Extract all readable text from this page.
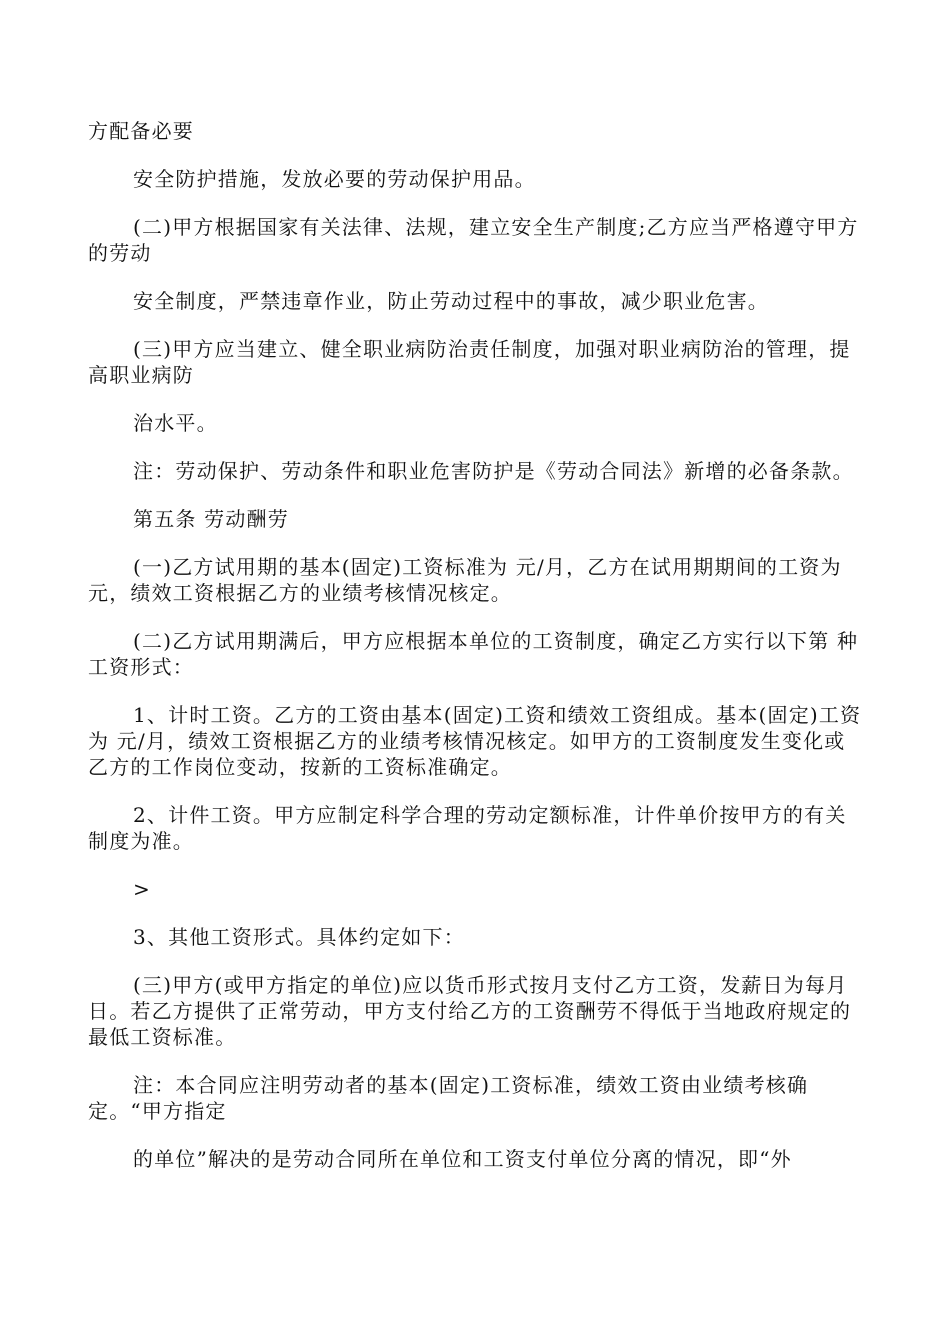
方配备必要

安全防护措施，发放必要的劳动保护用品。

(二)甲方根据国家有关法律、法规，建立安全生产制度;乙方应当严格遵守甲方的劳动

安全制度，严禁违章作业，防止劳动过程中的事故，减少职业危害。

(三)甲方应当建立、健全职业病防治责任制度，加强对职业病防治的管理，提高职业病防

治水平。

注：劳动保护、劳动条件和职业危害防护是《劳动合同法》新增的必备条款。

第五条 劳动酬劳

(一)乙方试用期的基本(固定)工资标准为 元/月，乙方在试用期期间的工资为 元，绩效工资根据乙方的业绩考核情况核定。

(二)乙方试用期满后，甲方应根据本单位的工资制度，确定乙方实行以下第 种工资形式：

1、计时工资。乙方的工资由基本(固定)工资和绩效工资组成。基本(固定)工资为 元/月，绩效工资根据乙方的业绩考核情况核定。如甲方的工资制度发生变化或乙方的工作岗位变动，按新的工资标准确定。

2、计件工资。甲方应制定科学合理的劳动定额标准，计件单价按甲方的有关制度为准。

>

3、其他工资形式。具体约定如下：

(三)甲方(或甲方指定的单位)应以货币形式按月支付乙方工资，发薪日为每月 日。若乙方提供了正常劳动，甲方支付给乙方的工资酬劳不得低于当地政府规定的最低工资标准。

注：本合同应注明劳动者的基本(固定)工资标准，绩效工资由业绩考核确定。“甲方指定

的单位”解决的是劳动合同所在单位和工资支付单位分离的情况，即“外
